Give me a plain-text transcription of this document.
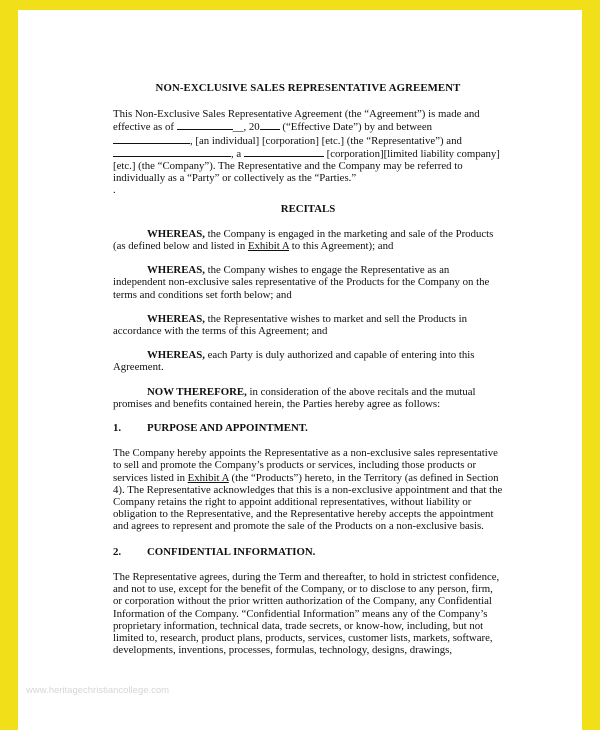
NON-EXCLUSIVE SALES REPRESENTATIVE AGREEMENT

This Non-Exclusive Sales Representative Agreement (the “Agreement”) is made and

effective as of	__, 20 (“Effective Date”) by and between

, [an individual] [corporation] [etc.] (the “Representative”) and

, a	[corporation][limited liability company]

[etc.] (the “Company”). The Representative and the Company may be referred to

individually as a “Party” or collectively as the “Parties.”

.

RECITALS

WHEREAS, the Company is engaged in the marketing and sale of the Products (as defined below and listed in Exhibit A to this Agreement); and

WHEREAS, the Company wishes to engage the Representative as an independent non-exclusive sales representative of the Products for the Company on the terms and conditions set forth below; and

WHEREAS, the Representative wishes to market and sell the Products in accordance with the terms of this Agreement; and

WHEREAS, each Party is duly authorized and capable of entering into this Agreement.

NOW THEREFORE, in consideration of the above recitals and the mutual promises and benefits contained herein, the Parties hereby agree as follows:

1. PURPOSE AND APPOINTMENT.

The Company hereby appoints the Representative as a non-exclusive sales representative to sell and promote the Company’s products or services, including those products or services listed in Exhibit A (the “Products”) hereto, in the Territory (as defined in Section 4). The Representative acknowledges that this is a non-exclusive appointment and that the Company retains the right to appoint additional representatives, without liability or obligation to the Representative, and the Representative hereby accepts the appointment and agrees to represent and promote the sale of the Products on a non-exclusive basis.

2. CONFIDENTIAL INFORMATION.

The Representative agrees, during the Term and thereafter, to hold in strictest confidence, and not to use, except for the benefit of the Company, or to disclose to any person, firm, or corporation without the prior written authorization of the Company, any Confidential Information of the Company. “Confidential Information” means any of the Company’s proprietary information, technical data, trade secrets, or know-how, including, but not limited to, research, product plans, products, services, customer lists, markets, software, developments, inventions, processes, formulas, technology, designs, drawings,

www.heritagechristiancollege.com
